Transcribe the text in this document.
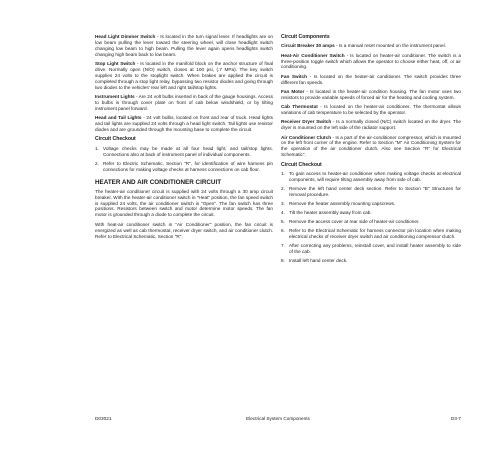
Head Light Dimmer Switch - Is located in the turn signal lever. If headlights are on low beam pulling the lever toward the steering wheel, will close headlight switch changing low beam to high beam. Pulling the lever again opens headlights switch changing high beam back to low beam.

Stop Light Switch - Is located in the manifold block on the anchor structure of final drive. Normally open (N/O) switch, closes at 100 psi, (.7 MPa). The key switch supplies 24 volts to the stoplight switch. When brakes are applied the circuit is completed through a stop light relay, bypassing two resistor diodes and going through two diodes to the vehicles' rear left and right tail/stop lights.

Instrument Lights - Are 24 volt bulbs inserted in back of the gauge housings. Access to bulbs is through cover plate on front of cab below windshield, or by tilting instrument panel forward.

Head and Tail Lights - 24 volt bulbs, located on front and rear of truck. Head lights and tail lights are supplied 24 volts through a head light switch. Tail lights use resistor diodes and are grounded through the mounting base to complete the circuit.

Circuit Checkout
1. Voltage checks may be made at all four head light, and tail/stop lights. Connections also at back of instrument panel of individual components.
2. Refer to Electric Schematic, Section "R", for identification of wire harness pin connections for making voltage checks at harness connections on cab floor.
HEATER AND AIR CONDITIONER CIRCUIT

The heater-air conditioner circuit is supplied with 24 volts through a 30 amp circuit breaker. With the heater-air conditioner switch in "Heat" position, the fan speed switch is supplied 24 volts, the air conditioner switch is "Open". The fan switch has three positions. Resistors between switch and motor determine motor speeds. The fan motor is grounded through a diode to complete the circuit.

With heat-air conditioner switch in "Air Conditioner" position, the fan circuit is energized as well as cab thermostat, receiver dryer switch, and air conditioner clutch. Refer to Electrical Schematic, Section "R".

Circuit Components

Circuit Breaker 30 amps - Is a manual reset mounted on the instrument panel.

Heat-Air Conditioner Switch - Is located on heater-air conditioner. The switch is a three-position toggle switch which allows the operator to choose either heat, off, or air conditioning.

Fan Switch - Is located on the heater-air conditioner. The switch provides three different fan speeds.

Fan Motor - Is located in the heater-air condition housing. The fan motor uses two resistors to provide variable speeds of forced air for the heating and cooling system.

Cab Thermostat - Is located on the heater-air conditioner. The thermostat allows variations of cab temperature to be selected by the operator.

Receiver Dryer Switch - Is a normally closed (N/C) switch located on the dryer. The dryer is mounted on the left side of the radiator support.

Air Conditioner Clutch - Is a part of the air-conditioner compressor, which is mounted on the left front corner of the engine. Refer to Section "M" Air Conditioning System for the operation of the air conditioner clutch. Also see Section "R" for Electrical Schematic".

Circuit Checkout
1. To gain access to heater-air conditioner when making voltage checks at electrical components, will require tilting assembly away from side of cab.
2. Remove the left hand center deck section. Refer to Section "B" Structures for removal procedure.
3. Remove the heater assembly mounting capscrews.
4. Tilt the heater assembly away from cab.
5. Remove the access cover at rear side of heater-air conditioner.
6. Refer to the Electrical Schematic for harness connector pin location when making electrical checks of receiver dryer switch and air conditioning compressor clutch.
7. After correcting any problems, reinstall cover, and install heater assembly to side of the cab.
8. Install left hand center deck.
D03021	Electrical System Components	D3-7
